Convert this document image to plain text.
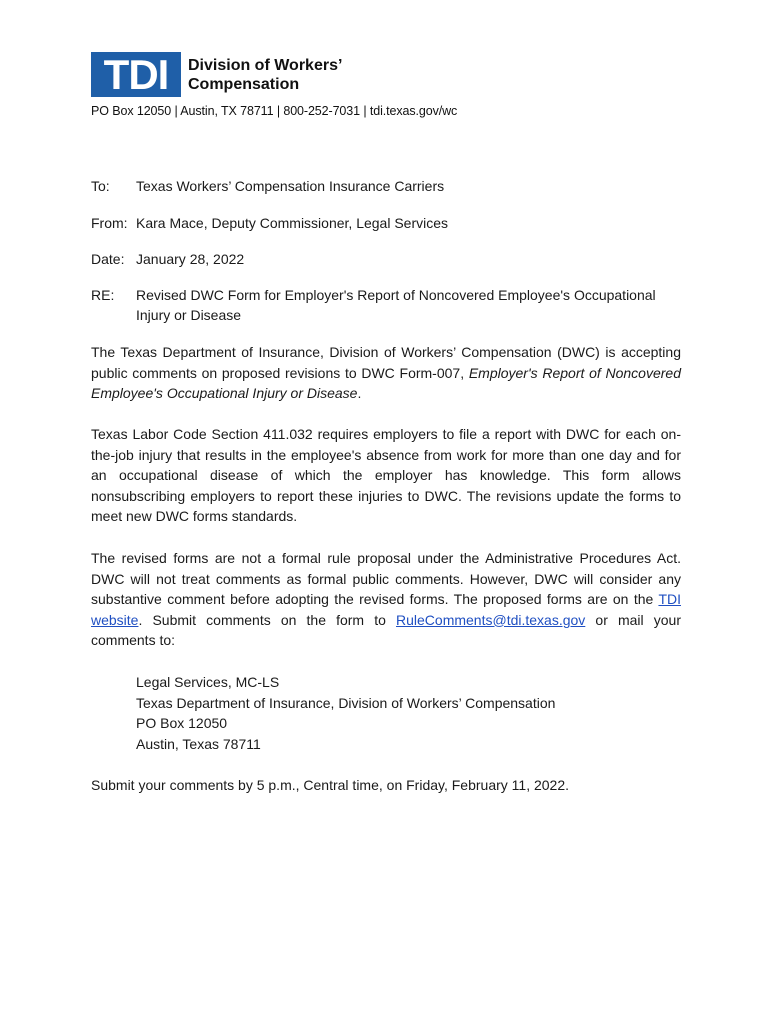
TDI Division of Workers’
Compensation
PO Box 12050 | Austin, TX 78711 | 800-252-7031 | tdi.texas.gov/wc
To:	Texas Workers’ Compensation Insurance Carriers
From: Kara Mace, Deputy Commissioner, Legal Services
Date: January 28, 2022
RE:	Revised DWC Form for Employer's Report of Noncovered Employee's Occupational
Injury or Disease
The Texas Department of Insurance, Division of Workers’ Compensation (DWC) is accepting public comments on proposed revisions to DWC Form-007, Employer's Report of Noncovered Employee's Occupational Injury or Disease.
Texas Labor Code Section 411.032 requires employers to file a report with DWC for each on-the-job injury that results in the employee's absence from work for more than one day and for an occupational disease of which the employer has knowledge. This form allows nonsubscribing employers to report these injuries to DWC. The revisions update the forms to meet new DWC forms standards.
The revised forms are not a formal rule proposal under the Administrative Procedures Act. DWC will not treat comments as formal public comments. However, DWC will consider any substantive comment before adopting the revised forms. The proposed forms are on the TDI website. Submit comments on the form to RuleComments@tdi.texas.gov or mail your comments to:
Legal Services, MC-LS
Texas Department of Insurance, Division of Workers’ Compensation
PO Box 12050
Austin, Texas 78711
Submit your comments by 5 p.m., Central time, on Friday, February 11, 2022.
